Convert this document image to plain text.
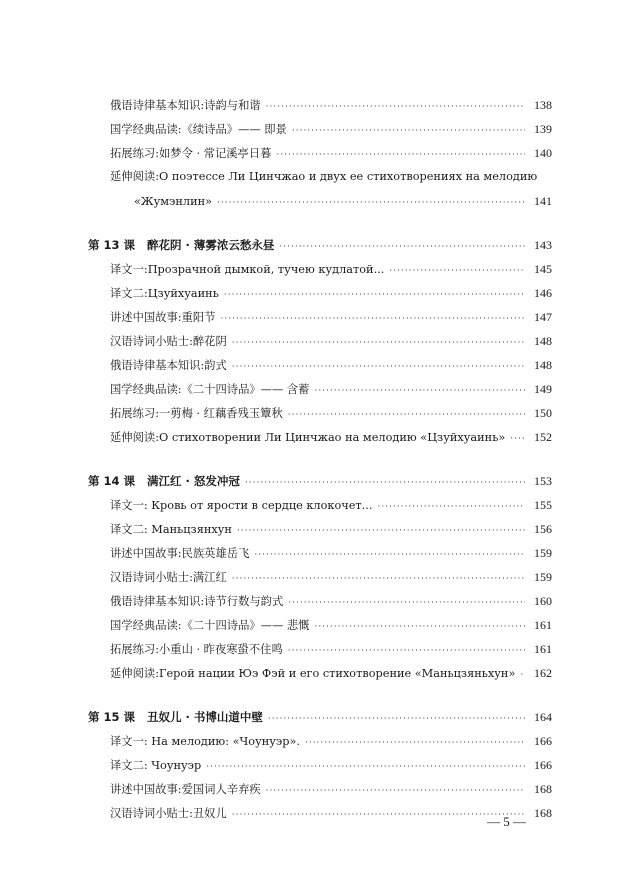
俄语诗律基本知识:诗韵与和谐 ·····	138
国学经典品读:《续诗品》—— 即景 ·····	139
拓展练习:如梦令 · 常记溪亭日暮 ·····	140
延伸阅读:О поэтессе Ли Цинчжао и двух ее стихотворениях на мелодию
«Жумэнлин» ·····	141
第 13 课 醉花阴 · 薄雾浓云愁永昼 ·····	143
译文一:Прозрачной дымкой, тучею кудлатой... ·····	145
译文二:Цзуйхуаинь ·····	146
讲述中国故事:重阳节 ·····	147
汉语诗词小贴士:醉花阴 ·····	148
俄语诗律基本知识:韵式 ·····	148
国学经典品读:《二十四诗品》—— 含蓄 ·····	149
拓展练习:一剪梅 · 红藕香残玉簟秋 ·····	150
延伸阅读:О стихотворении Ли Цинчжао на мелодию «Цзуйхуаинь» ·····	152
第 14 课 满江红 · 怒发冲冠 ·····	153
译文一: Кровь от ярости в сердце клокочет... ·····	155
译文二: Маньцзянхун ·····	156
讲述中国故事:民族英雄岳飞 ·····	159
汉语诗词小贴士:满江红 ·····	159
俄语诗律基本知识:诗节行数与韵式 ·····	160
国学经典品读:《二十四诗品》—— 悲慨 ·····	161
拓展练习:小重山 · 昨夜寒蛩不住鸣 ·····	161
延伸阅读:Герой нации Юэ Фэй и его стихотворение «Маньцзяньхун» ·····	162
第 15 课 丑奴儿 · 书博山道中壁 ·····	164
译文一: На мелодию: «Чоунуэр». ·····	166
译文二: Чоунуэр ·····	166
讲述中国故事:爱国词人辛弃疾 ·····	168
汉语诗词小贴士:丑奴儿 ·····	168
— 5 —
